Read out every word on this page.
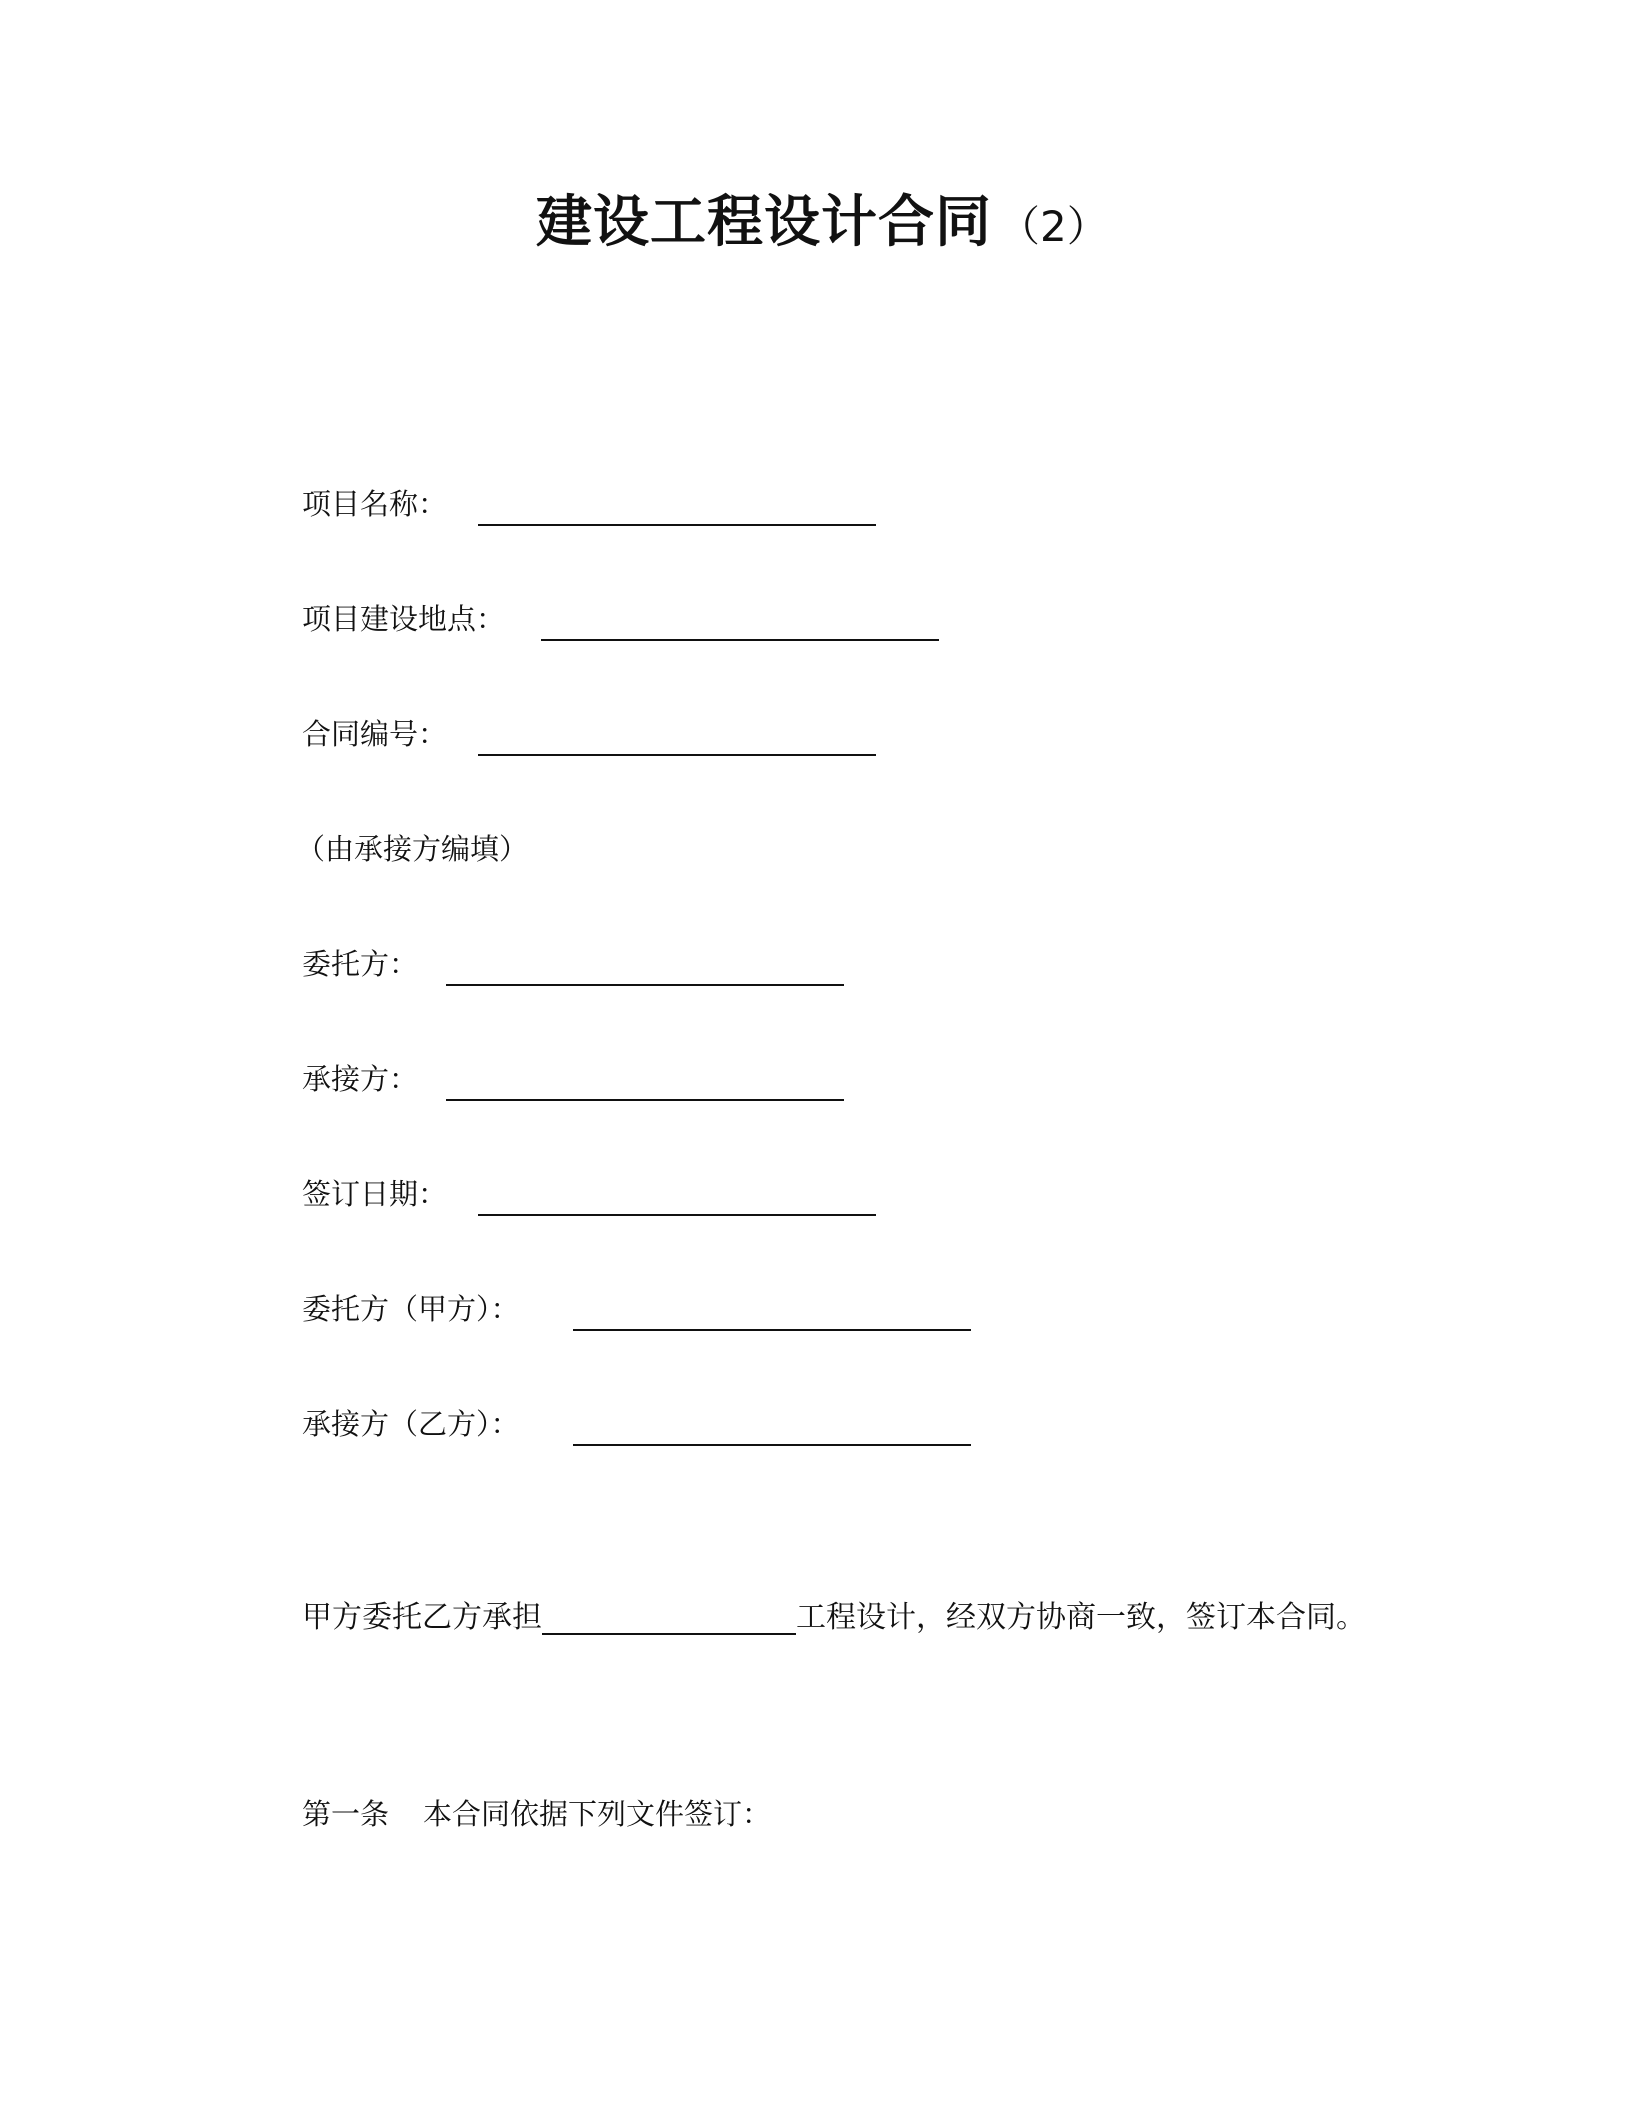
建设工程设计合同 （2）
项目名称：
项目建设地点：
合同编号：
（由承接方编填）
委托方：
承接方：
签订日期：
委托方（甲方）：
承接方（乙方）：
甲方委托乙方承担	工程设计，经双方协商一致，签订本合同。
第一条 本合同依据下列文件签订：
